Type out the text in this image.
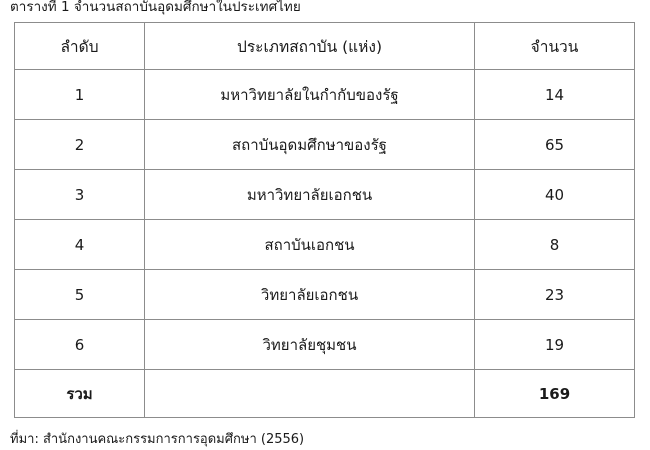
ตารางที่ 1 จำนวนสถาบันอุดมศึกษาในประเทศไทย
ลำดับ	ประเภทสถาบัน (แห่ง)	จำนวน
1	มหาวิทยาลัยในกำกับของรัฐ	14
2	สถาบันอุดมศึกษาของรัฐ	65
3	มหาวิทยาลัยเอกชน	40
4	สถาบันเอกชน	8
5	วิทยาลัยเอกชน	23
6	วิทยาลัยชุมชน	19
รวม		169
ที่มา: สำนักงานคณะกรรมการการอุดมศึกษา (2556)
